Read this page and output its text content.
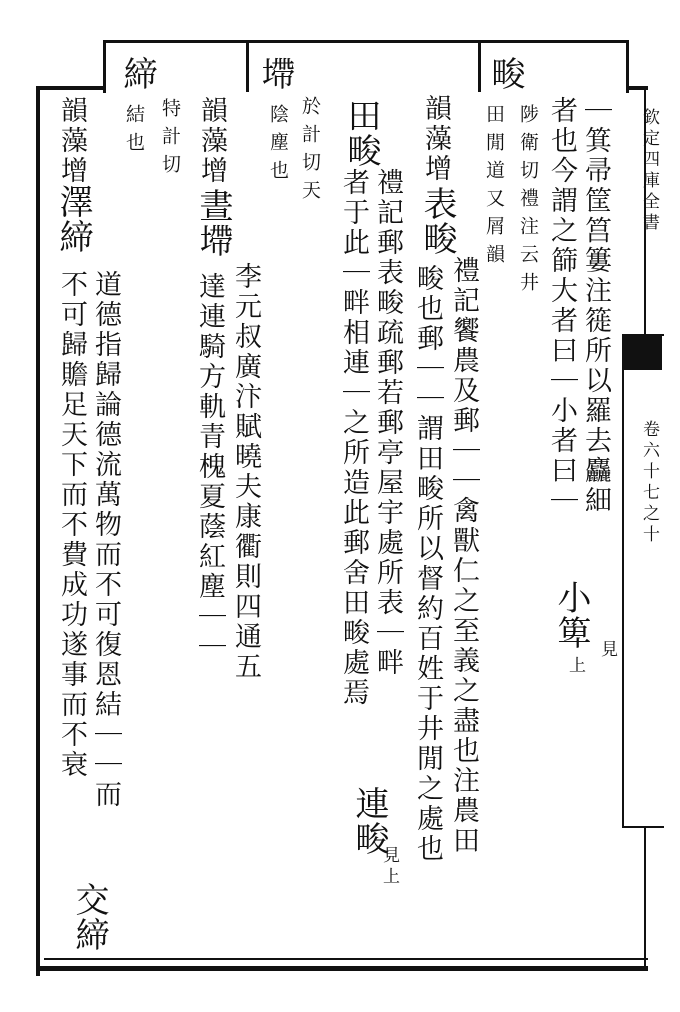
欽定四庫全書
卷六十七之十
｜箕帚筐筥簍注簁所以羅去麤細
見
者也今謂之篩大者曰｜小者曰｜
小箄
上
畯
陟衛切禮注云井
田閒道又屑韻
韻藻增
表畯
禮記饗農及郵｜｜禽獸仁之至義之盡也注農田
畯也郵｜｜謂田畯所以督約百姓于井閒之處也
田畯
禮記郵表畯疏郵若郵亭屋宇處所表｜畔
者于此｜畔相連｜之所造此郵舍田畯處焉
連畯
見上
墆
於計切天
陰塵也
韻藻增
晝墆
李元叔廣汴賦曉夫康衢則四通五
達連騎方軌青槐夏蔭紅塵｜｜
締
特計切
結也
韻藻增
澤締
道德指歸論德流萬物而不可復恩結｜｜而
不可歸贍足天下而不費成功遂事而不衰
交締
